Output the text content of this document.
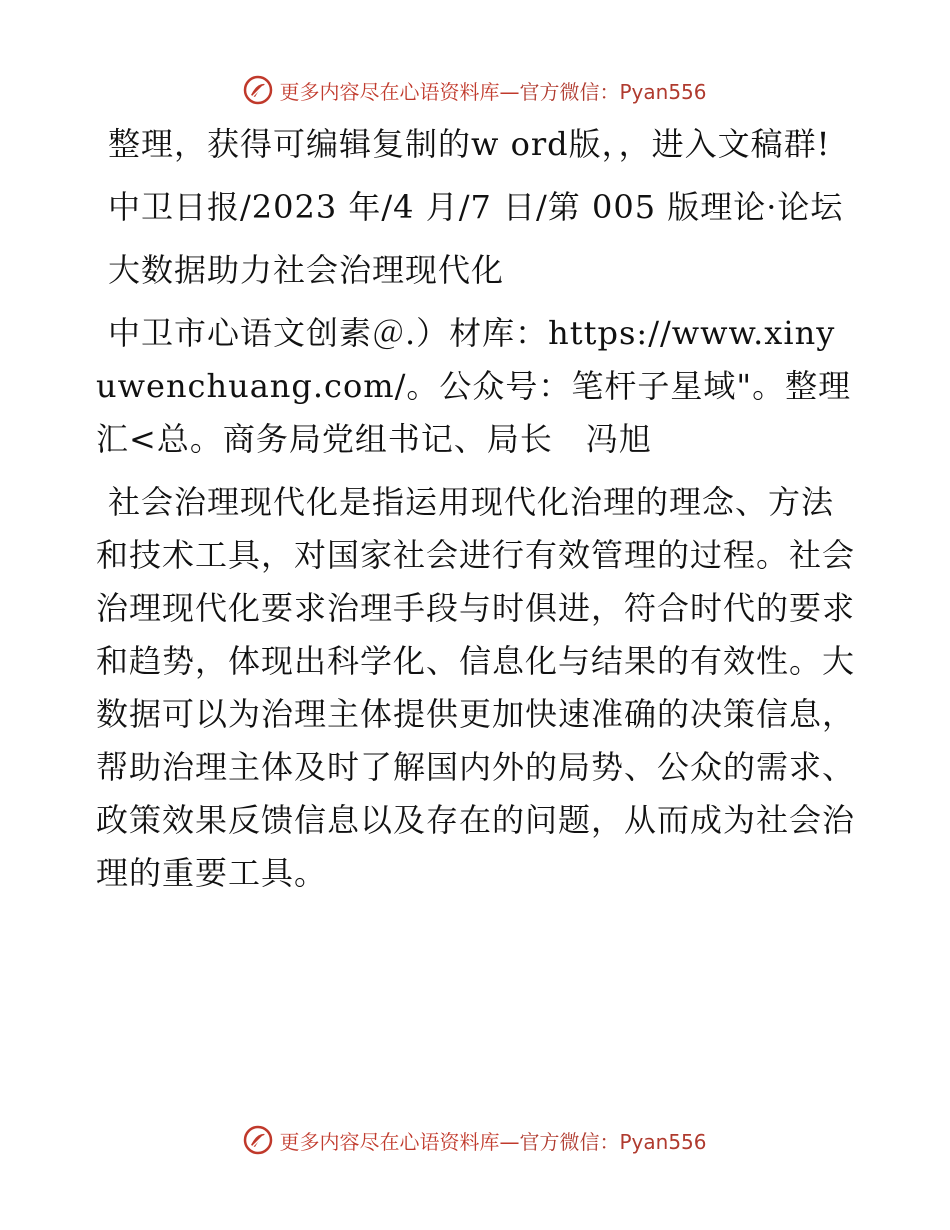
更多内容尽在心语资料库—官方微信：Pyan556

整理，获得可编辑复制的w ord版，，进入文稿群!

中卫日报/2023 年/4 月/7 日/第 005 版理论·论坛

大数据助力社会治理现代化

中卫市心语文创素＠.）材库：https://www.xinyuwenchuang.com/。公众号：笔杆子星域"。整理汇<总。商务局党组书记、局长　冯旭

社会治理现代化是指运用现代化治理的理念、方法和技术工具，对国家社会进行有效管理的过程。社会治理现代化要求治理手段与时俱进，符合时代的要求和趋势，体现出科学化、信息化与结果的有效性。大数据可以为治理主体提供更加快速准确的决策信息，帮助治理主体及时了解国内外的局势、公众的需求、政策效果反馈信息以及存在的问题，从而成为社会治理的重要工具。

更多内容尽在心语资料库—官方微信：Pyan556
